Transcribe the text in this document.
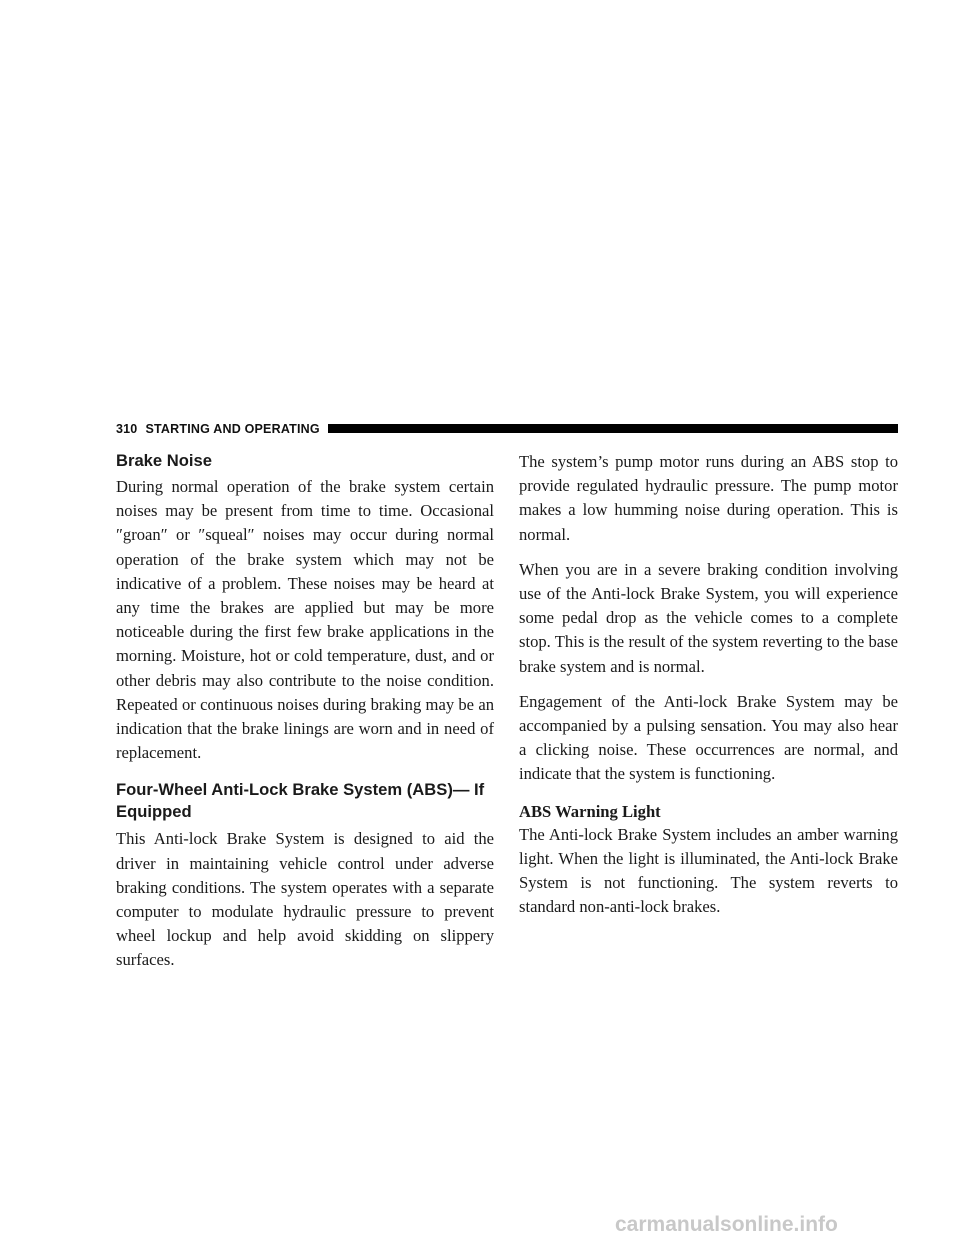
310 STARTING AND OPERATING
Brake Noise

During normal operation of the brake system certain noises may be present from time to time. Occasional ″groan″ or ″squeal″ noises may occur during normal operation of the brake system which may not be indicative of a problem. These noises may be heard at any time the brakes are applied but may be more noticeable during the first few brake applications in the morning. Moisture, hot or cold temperature, dust, and or other debris may also contribute to the noise condition. Repeated or continuous noises during braking may be an indication that the brake linings are worn and in need of replacement.

Four-Wheel Anti-Lock Brake System (ABS)— If Equipped

This Anti-lock Brake System is designed to aid the driver in maintaining vehicle control under adverse braking conditions. The system operates with a separate computer to modulate hydraulic pressure to prevent wheel lockup and help avoid skidding on slippery surfaces.

The system’s pump motor runs during an ABS stop to provide regulated hydraulic pressure. The pump motor makes a low humming noise during operation. This is normal.

When you are in a severe braking condition involving use of the Anti-lock Brake System, you will experience some pedal drop as the vehicle comes to a complete stop. This is the result of the system reverting to the base brake system and is normal.

Engagement of the Anti-lock Brake System may be accompanied by a pulsing sensation. You may also hear a clicking noise. These occurrences are normal, and indicate that the system is functioning.

ABS Warning Light

The Anti-lock Brake System includes an amber warning light. When the light is illuminated, the Anti-lock Brake System is not functioning. The system reverts to standard non-anti-lock brakes.

carmanualsonline.info
